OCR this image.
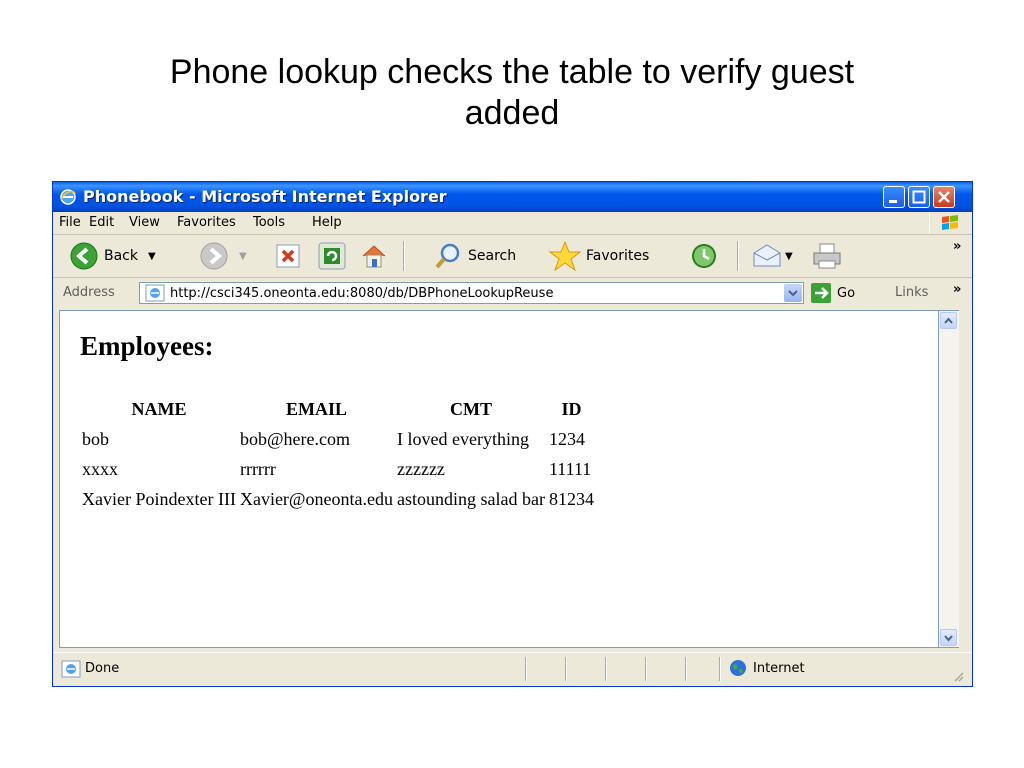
Phone lookup checks the table to verify guest
added
Phonebook - Microsoft Internet Explorer
File Edit View Favorites Tools Help
Back ▼	▼	Search	Favorites	▼
»
Address	http://csci345.oneonta.edu:8080/db/DBPhoneLookupReuse	Go	Links »
Employees:
NAME	EMAIL	CMT	ID
bob	bob@here.com	I loved everything	1234
xxxx	rrrrrr	zzzzzz	11111
Xavier Poindexter III	Xavier@oneonta.edu	astounding salad bar	81234
Done	Internet
